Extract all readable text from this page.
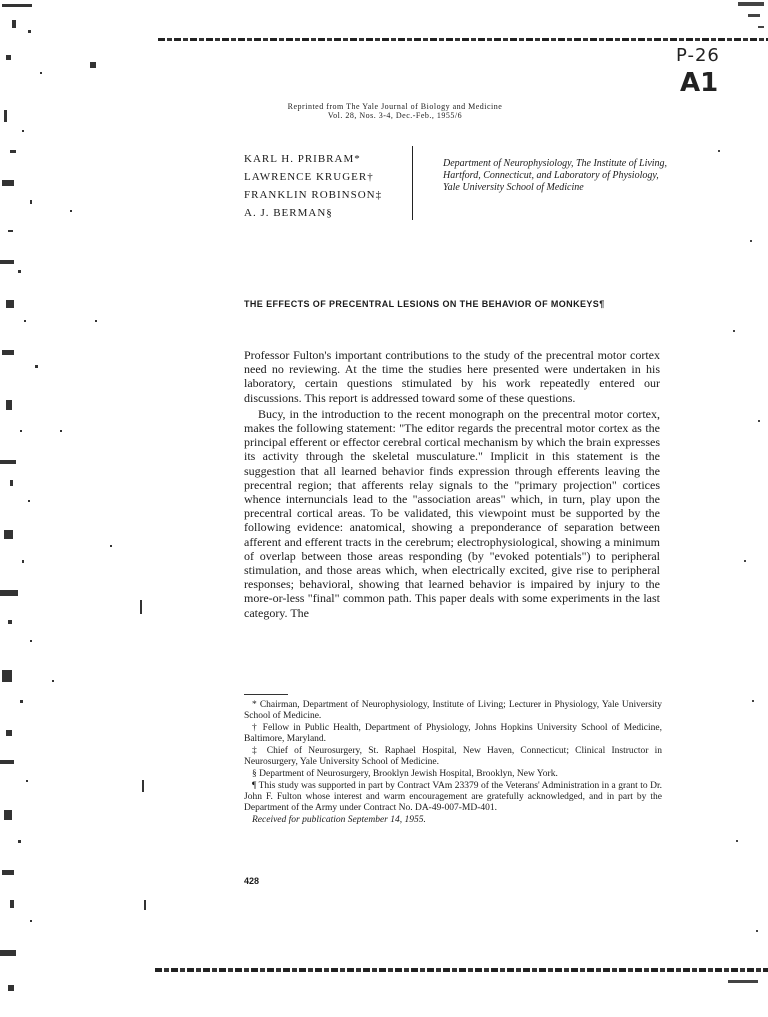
P-26
A1
Reprinted from The Yale Journal of Biology and Medicine
Vol. 28, Nos. 3-4, Dec.-Feb., 1955/6
KARL H. PRIBRAM*
LAWRENCE KRUGER†
FRANKLIN ROBINSON‡
A. J. BERMAN§
Department of Neurophysiology, The Institute of Living, Hartford, Connecticut, and Laboratory of Physiology, Yale University School of Medicine
THE EFFECTS OF PRECENTRAL LESIONS ON THE BEHAVIOR OF MONKEYS¶

Professor Fulton's important contributions to the study of the precentral motor cortex need no reviewing. At the time the studies here presented were undertaken in his laboratory, certain questions stimulated by his work repeatedly entered our discussions. This report is addressed toward some of these questions.

Bucy, in the introduction to the recent monograph on the precentral motor cortex, makes the following statement: "The editor regards the precentral motor cortex as the principal efferent or effector cerebral cortical mechanism by which the brain expresses its activity through the skeletal musculature." Implicit in this statement is the suggestion that all learned behavior finds expression through efferents leaving the precentral region; that afferents relay signals to the "primary projection" cortices whence internuncials lead to the "association areas" which, in turn, play upon the precentral cortical areas. To be validated, this viewpoint must be supported by the following evidence: anatomical, showing a preponderance of separation between afferent and efferent tracts in the cerebrum; electrophysiological, showing a minimum of overlap between those areas responding (by "evoked potentials") to peripheral stimulation, and those areas which, when electrically excited, give rise to peripheral responses; behavioral, showing that learned behavior is impaired by injury to the more-or-less "final" common path. This paper deals with some experiments in the last category. The

* Chairman, Department of Neurophysiology, Institute of Living; Lecturer in Physiology, Yale University School of Medicine.

† Fellow in Public Health, Department of Physiology, Johns Hopkins University School of Medicine, Baltimore, Maryland.

‡ Chief of Neurosurgery, St. Raphael Hospital, New Haven, Connecticut; Clinical Instructor in Neurosurgery, Yale University School of Medicine.

§ Department of Neurosurgery, Brooklyn Jewish Hospital, Brooklyn, New York.

¶ This study was supported in part by Contract VAm 23379 of the Veterans' Administration in a grant to Dr. John F. Fulton whose interest and warm encouragement are gratefully acknowledged, and in part by the Department of the Army under Contract No. DA-49-007-MD-401.

Received for publication September 14, 1955.

428
